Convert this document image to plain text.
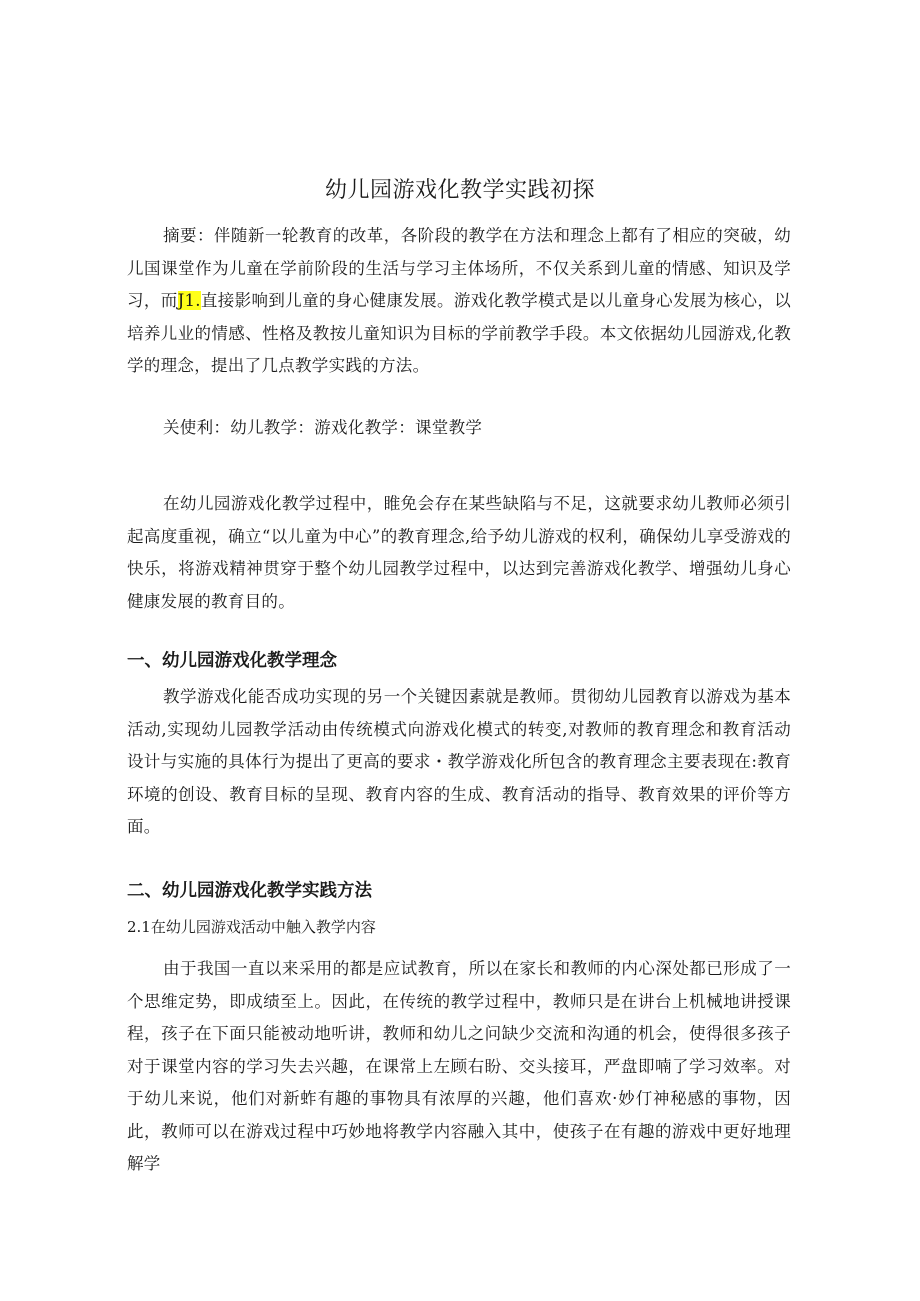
幼儿园游戏化教学实践初探

摘要：伴随新一轮教育的改革，各阶段的教学在方法和理念上都有了相应的突破，幼儿国课堂作为儿童在学前阶段的生活与学习主体场所，不仅关系到儿童的情感、知识及学习，而J1.直接影响到儿童的身心健康发展。游戏化教学模式是以儿童身心发展为核心，以培养儿业的情感、性格及教按儿童知识为目标的学前教学手段。本文依据幼儿园游戏,化教学的理念，提出了几点教学实践的方法。

关使利：幼儿教学：游戏化教学：课堂教学

在幼儿园游戏化教学过程中，睢免会存在某些缺陷与不足，这就要求幼儿教师必须引起高度重视，确立“以儿童为中心”的教育理念,给予幼儿游戏的权利，确保幼儿享受游戏的快乐，将游戏精神贯穿于整个幼儿园教学过程中，以达到完善游戏化教学、增强幼儿身心健康发展的教育目的。

一、幼儿园游戏化教学理念

教学游戏化能否成功实现的另一个关键因素就是教师。贯彻幼儿园教育以游戏为基本活动,实现幼儿园教学活动由传统模式向游戏化模式的转变,对教师的教育理念和教育活动设计与实施的具体行为提出了更高的要求・教学游戏化所包含的教育理念主要表现在:教育环境的创设、教育目标的呈现、教育内容的生成、教育活动的指导、教育效果的评价等方面。

二、幼儿园游戏化教学实践方法

2.1在幼儿园游戏活动中触入教学内容

由于我国一直以来采用的都是应试教育，所以在家长和教师的内心深处都已形成了一个思维定势，即成绩至上。因此，在传统的教学过程中，教师只是在讲台上机械地讲授课程，孩子在下面只能被动地听讲，教师和幼儿之问缺少交流和沟通的机会，使得很多孩子对于课堂内容的学习失去兴趣，在课常上左顾右盼、交头接耳，严盘即喃了学习效率。对于幼儿来说，他们对新蚱有趣的事物具有浓厚的兴趣，他们喜欢·妙仃神秘感的事物，因此，教师可以在游戏过程中巧妙地将教学内容融入其中，使孩子在有趣的游戏中更好地理解学
